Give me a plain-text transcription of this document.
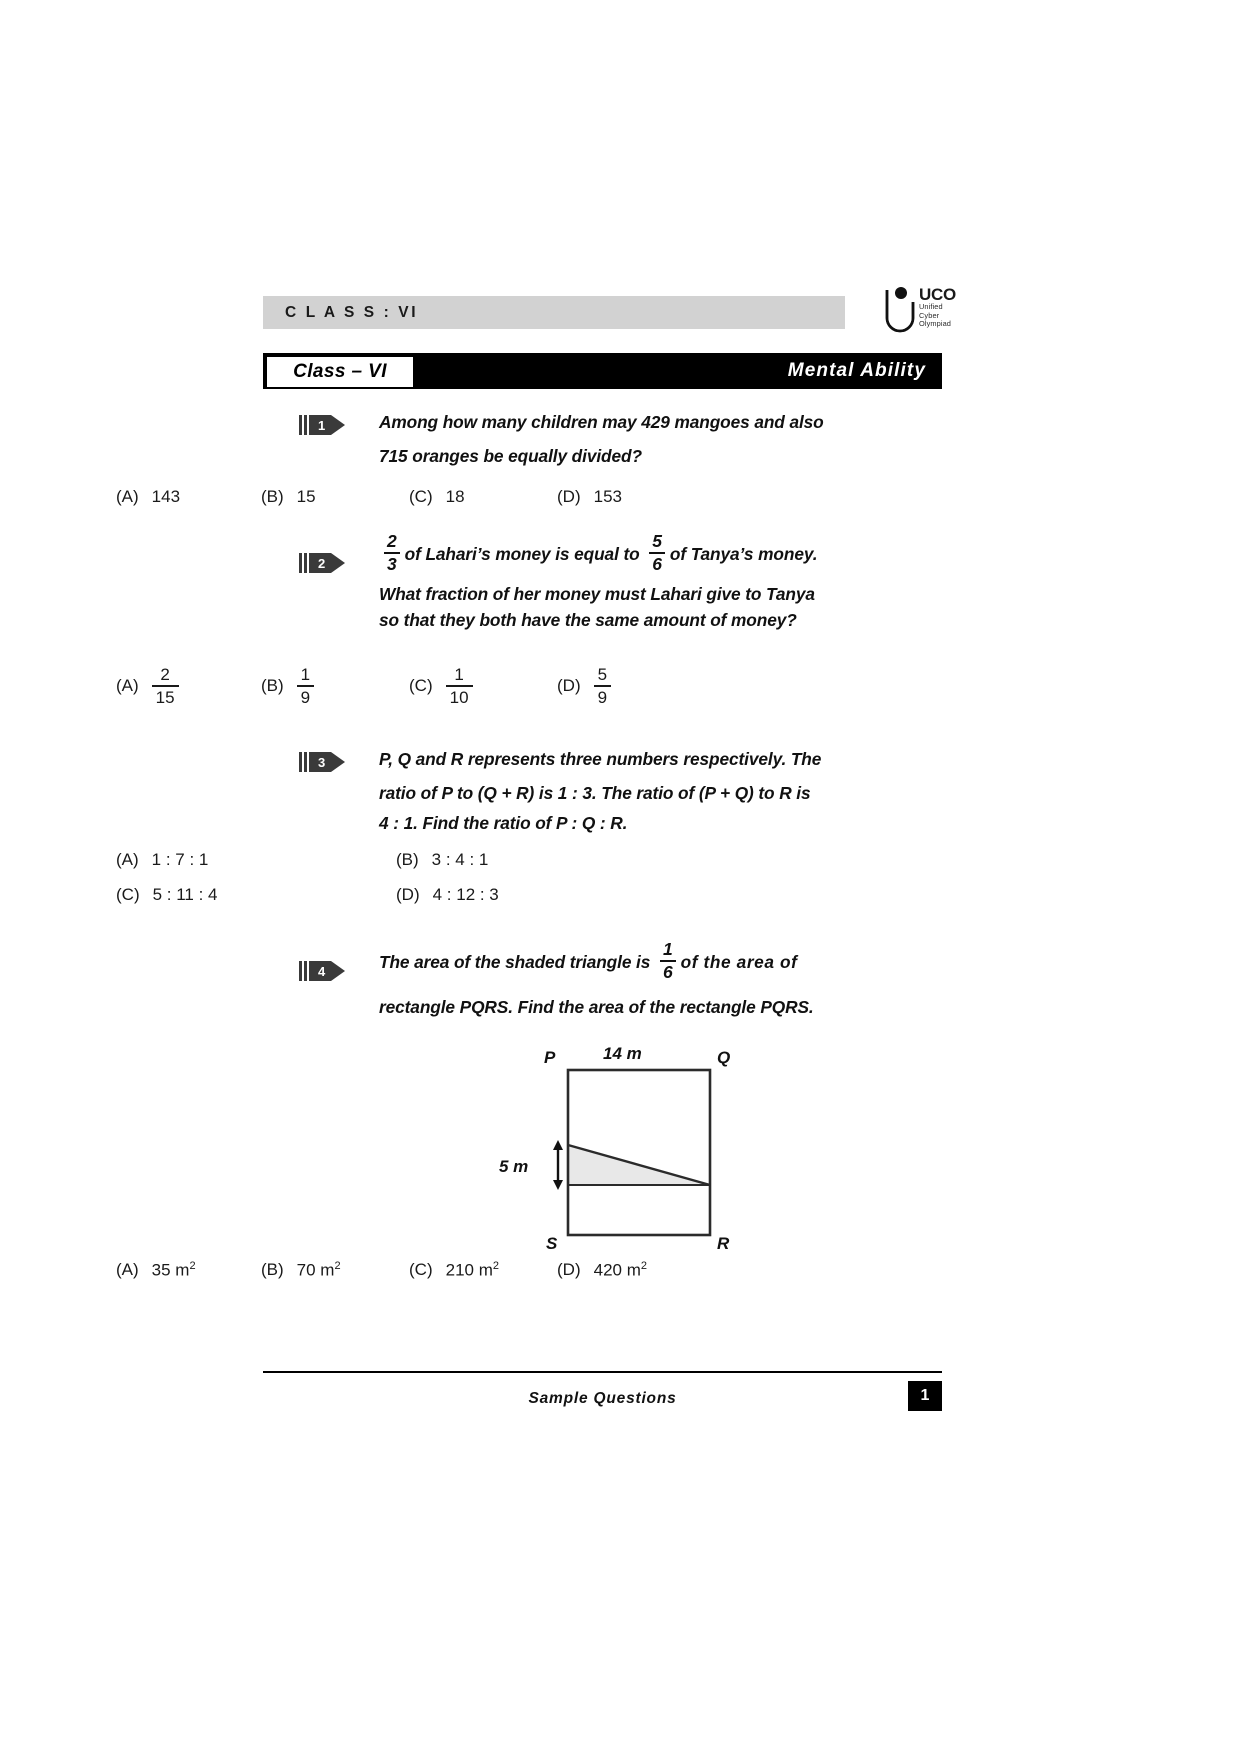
C L A S S : VI
UCO
Unified
Cyber
Olympiad
Class – VI	Mental Ability
1	Among how many children may 429 mangoes and also
715 oranges be equally divided?
(A) 143	(B) 15	(C) 18	(D) 153
2	$\frac{2}{3}$ of Lahari’s money is equal to $\frac{5}{6}$ of Tanya’s money.
What fraction of her money must Lahari give to Tanya
so that they both have the same amount of money?
$(A) \frac{2}{15}$	$(B) \frac{1}{9}$	$(C) \frac{1}{10}$	$(D) \frac{5}{9}$
3	P, Q and R represents three numbers respectively. The
ratio of P to (Q + R) is 1 : 3. The ratio of (P + Q) to R is
4 : 1. Find the ratio of P : Q : R.
(A) 1 : 7 : 1	(B) 3 : 4 : 1
(C) 5 : 11 : 4	(D) 4 : 12 : 3
4	The area of the shaded triangle is $\frac{1}{6}$ of the area of
rectangle PQRS. Find the area of the rectangle PQRS.
5 m
14 m
P	Q
S	R
(A) 35 $m^2$	(B) 70 $m^2$	(C) 210 $m^2$	(D) 420 $m^2$
Sample Questions	1
